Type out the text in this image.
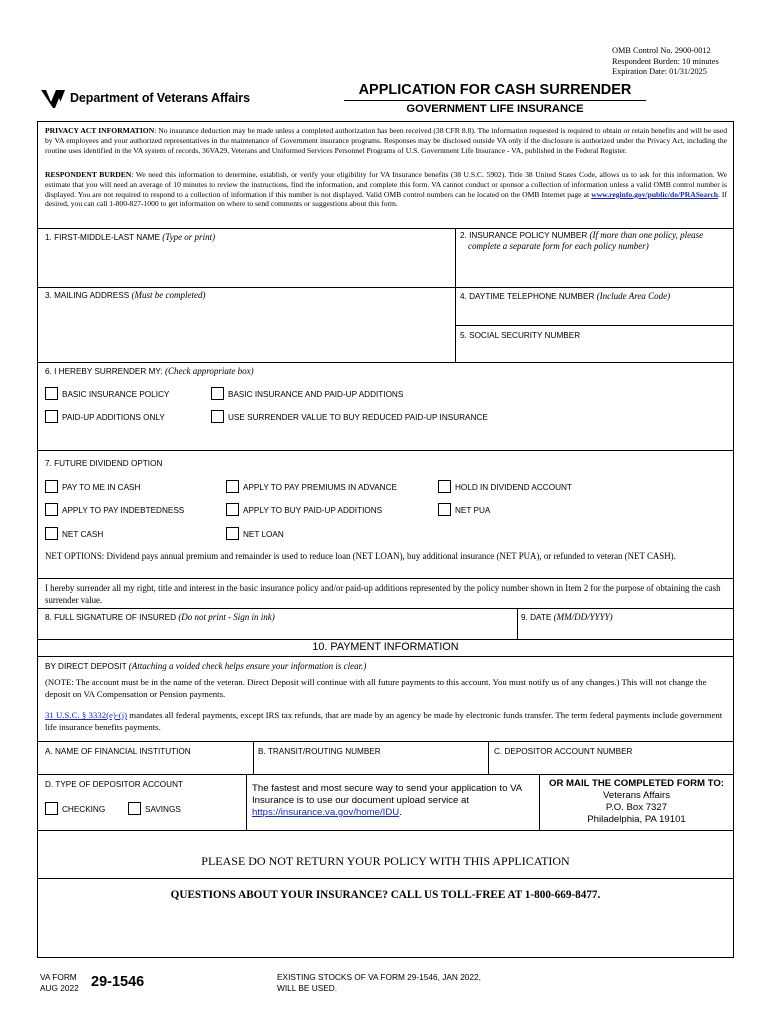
OMB Control No. 2900-0012
Respondent Burden: 10 minutes
Expiration Date: 01/31/2025
Department of Veterans Affairs	APPLICATION FOR CASH SURRENDER
GOVERNMENT LIFE INSURANCE
PRIVACY ACT INFORMATION: No insurance deduction may be made unless a completed authorization has been received (38 CFR 8.8). The information requested is required to obtain or retain benefits and will be used by VA employees and your authorized representatives in the maintenance of Government insurance programs. Responses may be disclosed outside VA only if the disclosure is authorized under the Privacy Act, including the routine uses identified in the VA system of records, 36VA29, Veterans and Uniformed Services Personnel Programs of U.S. Government Life Insurance - VA, published in the Federal Register.
RESPONDENT BURDEN: We need this information to determine, establish, or verify your eligibility for VA Insurance benefits (38 U.S.C. 5902). Title 38 United States Code, allows us to ask for this information. We estimate that you will need an average of 10 minutes to review the instructions, find the information, and complete this form. VA cannot conduct or sponsor a collection of information unless a valid OMB control number is displayed. You are not required to respond to a collection of information if this number is not displayed. Valid OMB control numbers can be located on the OMB Internet page at www.reginfo.gov/public/do/PRASearch. If desired, you can call 1-800-827-1000 to get information on where to send comments or suggestions about this form.
1. FIRST-MIDDLE-LAST NAME (Type or print)	2. INSURANCE POLICY NUMBER (If more than one policy, please
complete a separate form for each policy number)
3. MAILING ADDRESS (Must be completed)	4. DAYTIME TELEPHONE NUMBER (Include Area Code)
5. SOCIAL SECURITY NUMBER
6. I HEREBY SURRENDER MY: (Check appropriate box)
BASIC INSURANCE POLICY	BASIC INSURANCE AND PAID-UP ADDITIONS
PAID-UP ADDITIONS ONLY	USE SURRENDER VALUE TO BUY REDUCED PAID-UP INSURANCE
7. FUTURE DIVIDEND OPTION
PAY TO ME IN CASH	APPLY TO PAY PREMIUMS IN ADVANCE	HOLD IN DIVIDEND ACCOUNT
APPLY TO PAY INDEBTEDNESS	APPLY TO BUY PAID-UP ADDITIONS	NET PUA
NET CASH	NET LOAN
NET OPTIONS: Dividend pays annual premium and remainder is used to reduce loan (NET LOAN), buy additional insurance (NET PUA), or refunded to veteran (NET CASH).
I hereby surrender all my right, title and interest in the basic insurance policy and/or paid-up additions represented by the policy number shown in Item 2 for the purpose of obtaining the cash surrender value.
8. FULL SIGNATURE OF INSURED (Do not print - Sign in ink)	9. DATE (MM/DD/YYYY)
10. PAYMENT INFORMATION
BY DIRECT DEPOSIT (Attaching a voided check helps ensure your information is clear.)
(NOTE: The account must be in the name of the veteran. Direct Deposit will continue with all future payments to this account. You must notify us of any changes.) This will not change the deposit on VA Compensation or Pension payments.
31 U.S.C. § 3332(e)-(j) mandates all federal payments, except IRS tax refunds, that are made by an agency be made by electronic funds transfer. The term federal payments include government life insurance benefits payments.
A. NAME OF FINANCIAL INSTITUTION	B. TRANSIT/ROUTING NUMBER	C. DEPOSITOR ACCOUNT NUMBER
D. TYPE OF DEPOSITOR ACCOUNT
CHECKING	SAVINGS
The fastest and most secure way to send your application to VA Insurance is to use our document upload service at
https://insurance.va.gov/home/IDU.
OR MAIL THE COMPLETED FORM TO:
Veterans Affairs
P.O. Box 7327
Philadelphia, PA 19101
PLEASE DO NOT RETURN YOUR POLICY WITH THIS APPLICATION
QUESTIONS ABOUT YOUR INSURANCE? CALL US TOLL-FREE AT 1-800-669-8477.
VA FORM
AUG 2022 29-1546	EXISTING STOCKS OF VA FORM 29-1546, JAN 2022,
WILL BE USED.
